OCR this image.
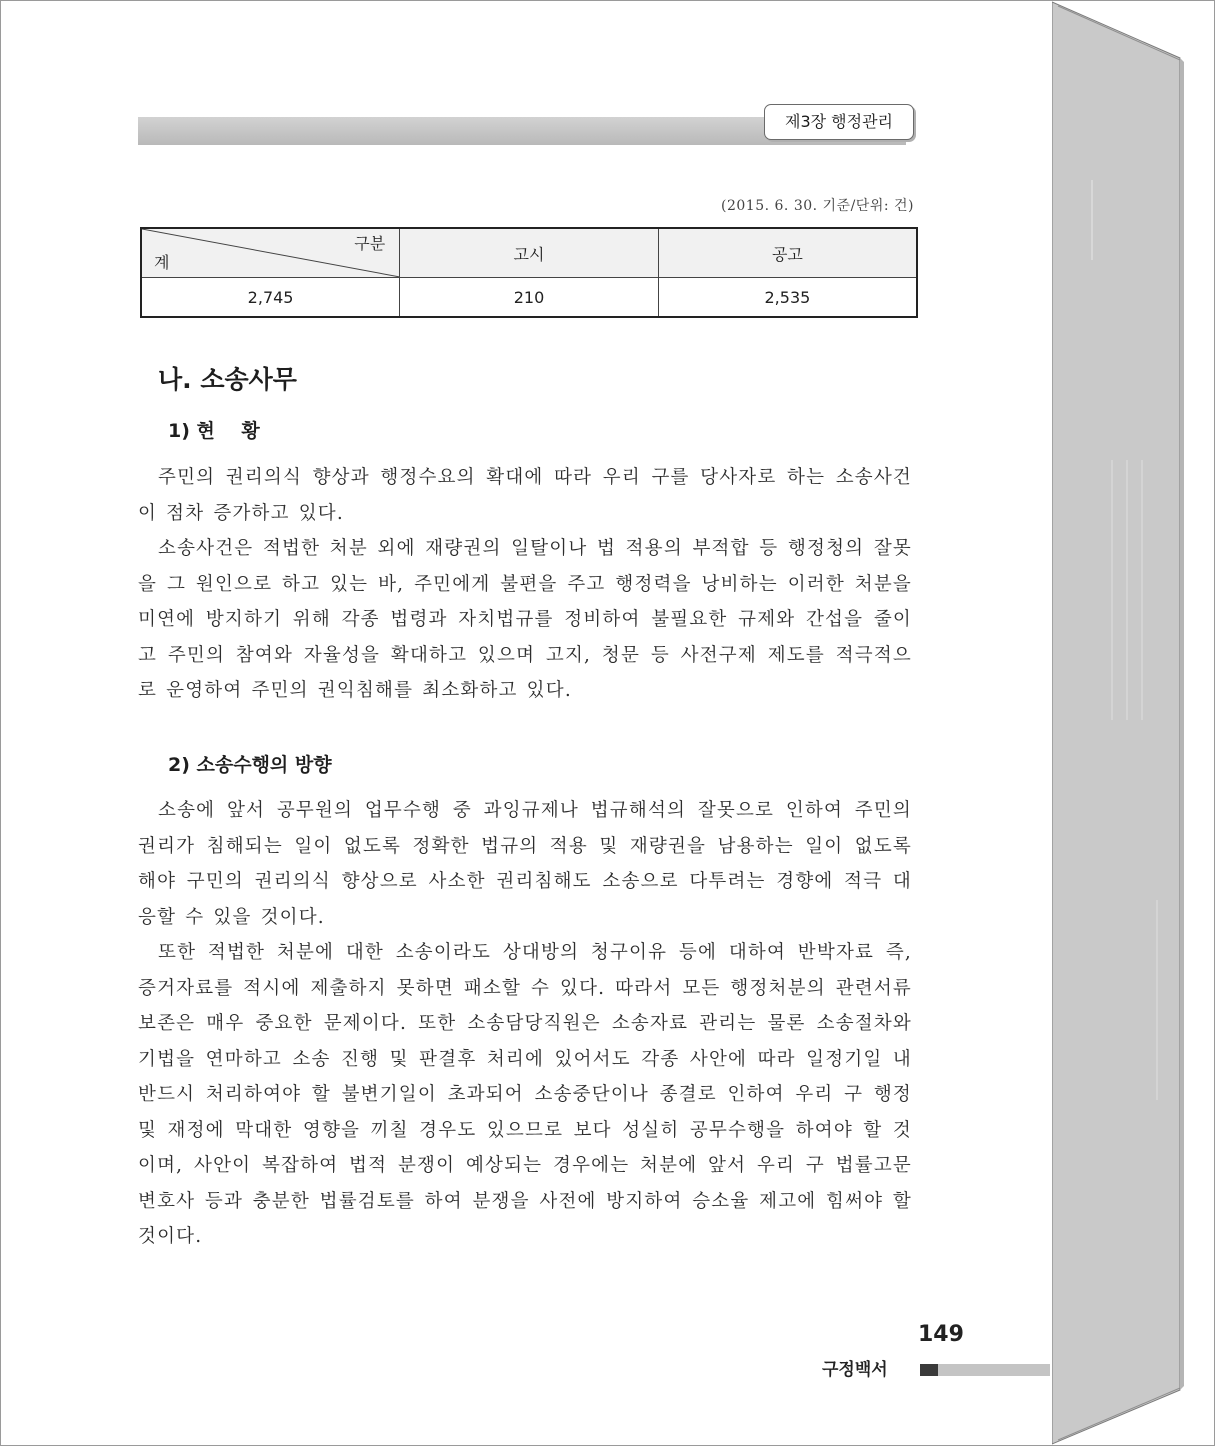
제3장 행정관리
(2015. 6. 30. 기준/단위: 건)
구분
계	고시	공고
2,745	210	2,535
나. 소송사무
1) 현    황

주민의 권리의식 향상과 행정수요의 확대에 따라 우리 구를 당사자로 하는 소송사건이 점차 증가하고 있다.

소송사건은 적법한 처분 외에 재량권의 일탈이나 법 적용의 부적합 등 행정청의 잘못을 그 원인으로 하고 있는 바, 주민에게 불편을 주고 행정력을 낭비하는 이러한 처분을 미연에 방지하기 위해 각종 법령과 자치법규를 정비하여 불필요한 규제와 간섭을 줄이고 주민의 참여와 자율성을 확대하고 있으며 고지, 청문 등 사전구제 제도를 적극적으로 운영하여 주민의 권익침해를 최소화하고 있다.

2) 소송수행의 방향

소송에 앞서 공무원의 업무수행 중 과잉규제나 법규해석의 잘못으로 인하여 주민의 권리가 침해되는 일이 없도록 정확한 법규의 적용 및 재량권을 남용하는 일이 없도록 해야 구민의 권리의식 향상으로 사소한 권리침해도 소송으로 다투려는 경향에 적극 대응할 수 있을 것이다.

또한 적법한 처분에 대한 소송이라도 상대방의 청구이유 등에 대하여 반박자료 즉, 증거자료를 적시에 제출하지 못하면 패소할 수 있다. 따라서 모든 행정처분의 관련서류 보존은 매우 중요한 문제이다. 또한 소송담당직원은 소송자료 관리는 물론 소송절차와 기법을 연마하고 소송 진행 및 판결후 처리에 있어서도 각종 사안에 따라 일정기일 내 반드시 처리하여야 할 불변기일이 초과되어 소송중단이나 종결로 인하여 우리 구 행정 및 재정에 막대한 영향을 끼칠 경우도 있으므로 보다 성실히 공무수행을 하여야 할 것이며, 사안이 복잡하여 법적 분쟁이 예상되는 경우에는 처분에 앞서 우리 구 법률고문변호사 등과 충분한 법률검토를 하여 분쟁을 사전에 방지하여 승소율 제고에 힘써야 할 것이다.

149
구정백서
